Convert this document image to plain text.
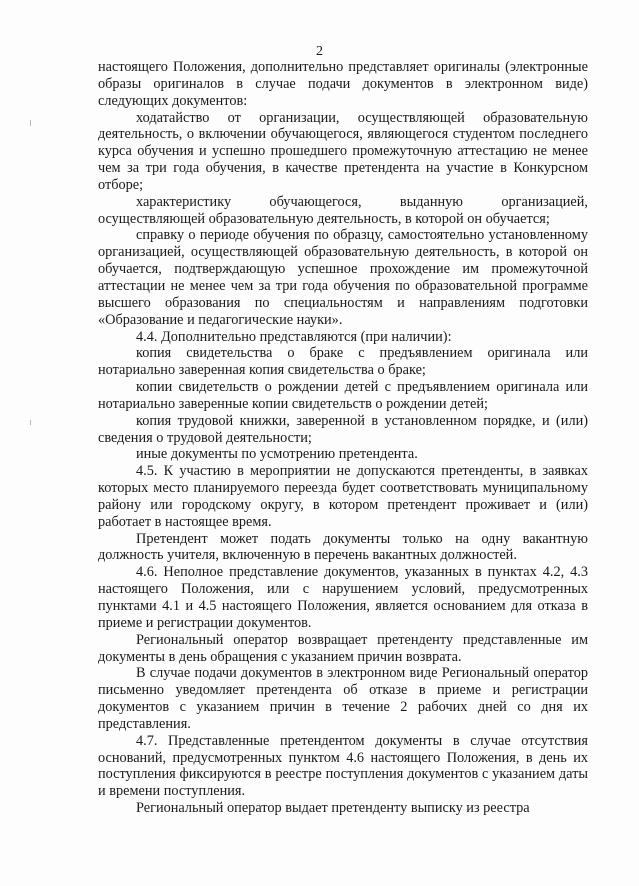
2

настоящего Положения, дополнительно представляет оригиналы (электронные образы оригиналов в случае подачи документов в электронном виде) следующих документов:

ходатайство от организации, осуществляющей образовательную деятельность, о включении обучающегося, являющегося студентом последнего курса обучения и успешно прошедшего промежуточную аттестацию не менее чем за три года обучения, в качестве претендента на участие в Конкурсном отборе;

характеристику обучающегося, выданную организацией, осуществляющей образовательную деятельность, в которой он обучается;

справку о периоде обучения по образцу, самостоятельно установленному организацией, осуществляющей образовательную деятельность, в которой он обучается, подтверждающую успешное прохождение им промежуточной аттестации не менее чем за три года обучения по образовательной программе высшего образования по специальностям и направлениям подготовки «Образование и педагогические науки».

4.4. Дополнительно представляются (при наличии):

копия свидетельства о браке с предъявлением оригинала или нотариально заверенная копия свидетельства о браке;

копии свидетельств о рождении детей с предъявлением оригинала или нотариально заверенные копии свидетельств о рождении детей;

копия трудовой книжки, заверенной в установленном порядке, и (или) сведения о трудовой деятельности;

иные документы по усмотрению претендента.

4.5. К участию в мероприятии не допускаются претенденты, в заявках которых место планируемого переезда будет соответствовать муниципальному району или городскому округу, в котором претендент проживает и (или) работает в настоящее время.

Претендент может подать документы только на одну вакантную должность учителя, включенную в перечень вакантных должностей.

4.6. Неполное представление документов, указанных в пунктах 4.2, 4.3 настоящего Положения, или с нарушением условий, предусмотренных пунктами 4.1 и 4.5 настоящего Положения, является основанием для отказа в приеме и регистрации документов.

Региональный оператор возвращает претенденту представленные им документы в день обращения с указанием причин возврата.

В случае подачи документов в электронном виде Региональный оператор письменно уведомляет претендента об отказе в приеме и регистрации документов с указанием причин в течение 2 рабочих дней со дня их представления.

4.7. Представленные претендентом документы в случае отсутствия оснований, предусмотренных пунктом 4.6 настоящего Положения, в день их поступления фиксируются в реестре поступления документов с указанием даты и времени поступления.

Региональный оператор выдает претенденту выписку из реестра
